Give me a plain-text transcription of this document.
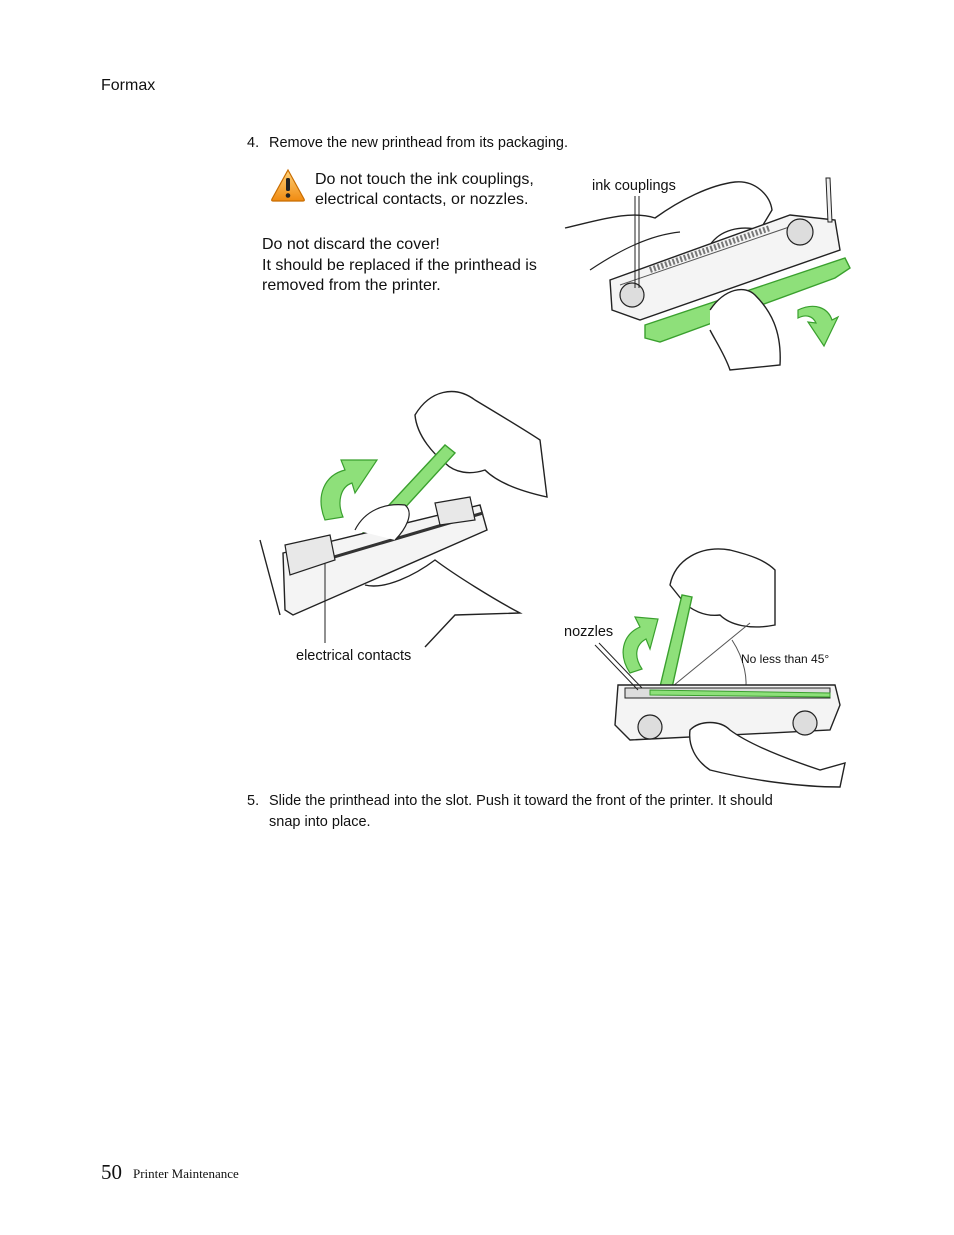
Formax
4. Remove the new printhead from its packaging.
Do not touch the ink couplings,
electrical contacts, or nozzles.
Do not discard the cover!
It should be replaced if the printhead is
removed from the printer.
ink couplings
electrical contacts
nozzles
No less than 45°
5. Slide the printhead into the slot. Push it toward the front of the printer. It should
snap into place.
50 Printer Maintenance
